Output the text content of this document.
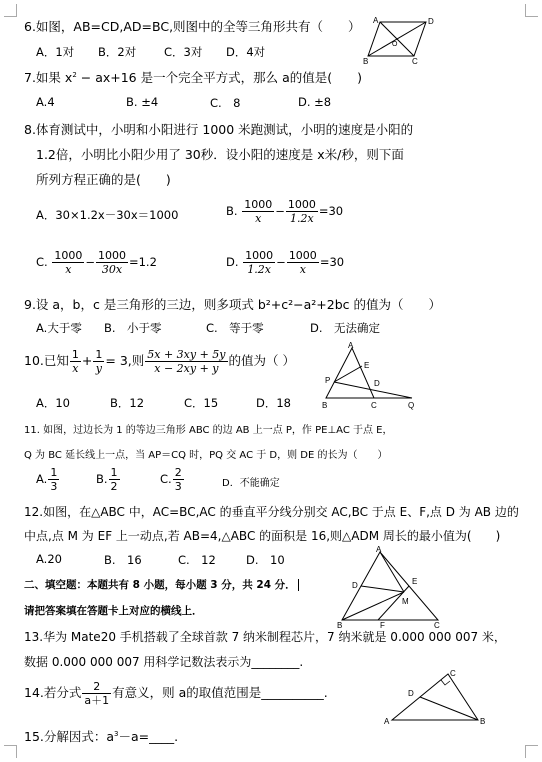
6.如图，AB=CD,AD=BC,则图中的全等三角形共有（　　）
A．1对 B．2对 C．3对 D．4对
A	D
O
B	C
7.如果 $x^2 - ax+16$ 是一个完全平方式，那么 a的值是(　　)
A.4	B. ±4	C.　8	D. ±8
8.体育测试中，小明和小阳进行 1000 米跑测试，小明的速度是小阳的
1.2倍，小明比小阳少用了 30秒．设小阳的速度是 x米/秒，则下面
所列方程正确的是(　　)
A．30×1.2x－30x＝1000	B. $\frac{1000}{x} - \frac{1000}{1.2x} =30$
C. $\frac{1000}{x} - \frac{1000}{30x} =1.2$	D. $\frac{1000}{1.2x} - \frac{1000}{x} =30$
9.设 a，b，c 是三角形的三边，则多项式 b²+c²−a²+2bc 的值为（　　）
A.大于零 B.　小于零	C.　等于零	D.　无法确定
10.已知 $\frac{1}{x} + \frac{1}{y} = 3$,则 $\frac{5x + 3xy + 5y}{x - 2xy + y}$ 的值为（ ）
A．10	B．12	C．15	D．18
A
E
P	D
B	C	Q
11. 如图，过边长为 1 的等边三角形 ABC 的边 AB 上一点 P，作 PE⊥AC 于点 E，
Q 为 BC 延长线上一点，当 AP＝CQ 时，PQ 交 AC 于 D，则 DE 的长为（　　）
A. $\frac{1}{3}$	B. $\frac{1}{2}$	C. $\frac{2}{3}$	D．不能确定
12.如图，在△ABC 中，AC=BC,AC 的垂直平分线分别交 AC,BC 于点 E、F,点 D 为 AB 边的
中点,点 M 为 EF 上一动点,若 AB=4,△ABC 的面积是 16,则△ADM 周长的最小值为(　　)
A.20	B.　16	C.　12	D.　10
A
E
D
M
B	F	C
二、填空题：本题共有 8 小题，每小题 3 分，共 24 分．
请把答案填在答题卡上对应的横线上．
13.华为 Mate20 手机搭载了全球首款 7 纳米制程芯片，7 纳米就是 0.000 000 007 米，
数据 0.000 000 007 用科学记数法表示为________.
14.若分式 $\frac{2}{a+1}$ 有意义，则 a的取值范围是__________.
C
D
A	B
15.分解因式：$a^3-a=\_\_\_\_$.
